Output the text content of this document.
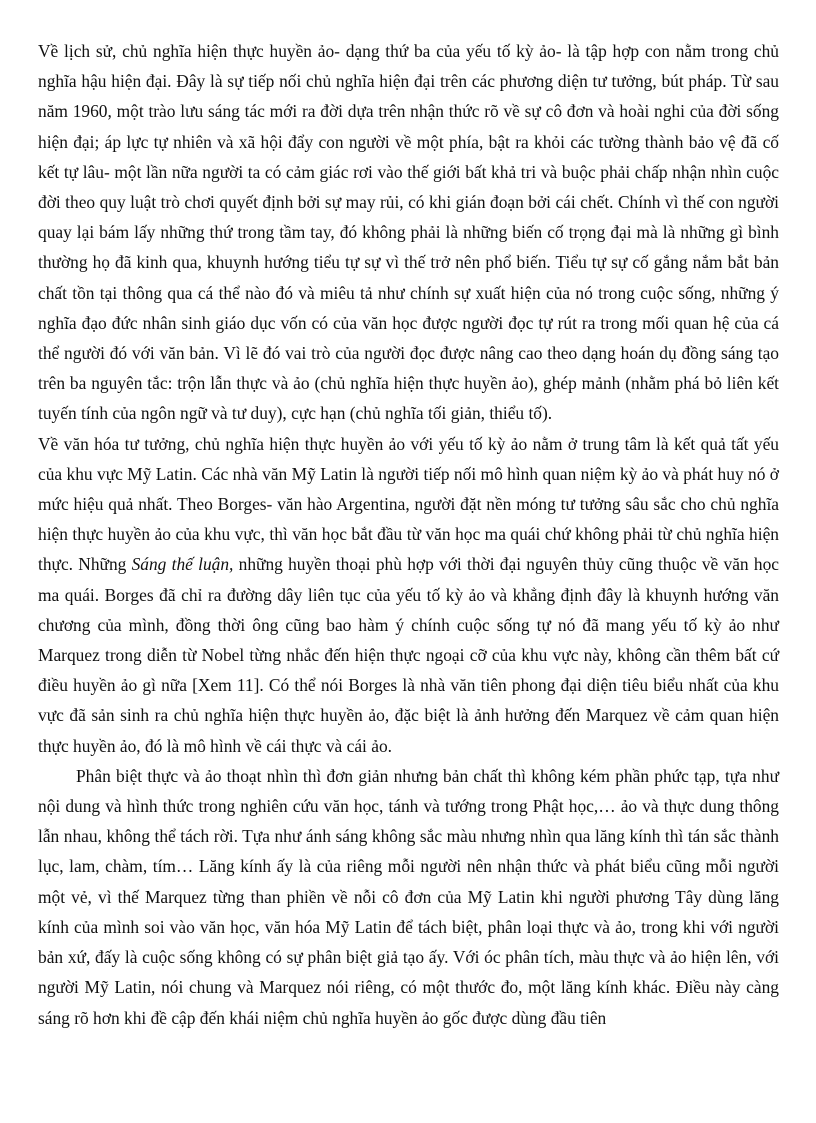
Về lịch sử, chủ nghĩa hiện thực huyền ảo- dạng thứ ba của yếu tố kỳ ảo- là tập hợp con nằm trong chủ nghĩa hậu hiện đại. Đây là sự tiếp nối chủ nghĩa hiện đại trên các phương diện tư tưởng, bút pháp. Từ sau năm 1960, một trào lưu sáng tác mới ra đời dựa trên nhận thức rõ về sự cô đơn và hoài nghi của đời sống hiện đại; áp lực tự nhiên và xã hội đẩy con người về một phía, bật ra khỏi các tường thành bảo vệ đã cố kết tự lâu- một lần nữa người ta có cảm giác rơi vào thế giới bất khả tri và buộc phải chấp nhận nhìn cuộc đời theo quy luật trò chơi quyết định bởi sự may rủi, có khi gián đoạn bởi cái chết. Chính vì thế con người quay lại bám lấy những thứ trong tầm tay, đó không phải là những biến cố trọng đại mà là những gì bình thường họ đã kinh qua, khuynh hướng tiểu tự sự vì thế trở nên phổ biến. Tiểu tự sự cố gắng nắm bắt bản chất tồn tại thông qua cá thể nào đó và miêu tả như chính sự xuất hiện của nó trong cuộc sống, những ý nghĩa đạo đức nhân sinh giáo dục vốn có của văn học được người đọc tự rút ra trong mối quan hệ của cá thể người đó với văn bản. Vì lẽ đó vai trò của người đọc được nâng cao theo dạng hoán dụ đồng sáng tạo trên ba nguyên tắc: trộn lẫn thực và ảo (chủ nghĩa hiện thực huyền ảo), ghép mảnh (nhằm phá bỏ liên kết tuyến tính của ngôn ngữ và tư duy), cực hạn (chủ nghĩa tối giản, thiểu tố).

Về văn hóa tư tưởng, chủ nghĩa hiện thực huyền ảo với yếu tố kỳ ảo nằm ở trung tâm là kết quả tất yếu của khu vực Mỹ Latin. Các nhà văn Mỹ Latin là người tiếp nối mô hình quan niệm kỳ ảo và phát huy nó ở mức hiệu quả nhất. Theo Borges- văn hào Argentina, người đặt nền móng tư tưởng sâu sắc cho chủ nghĩa hiện thực huyền ảo của khu vực, thì văn học bắt đầu từ văn học ma quái chứ không phải từ chủ nghĩa hiện thực. Những Sáng thế luận, những huyền thoại phù hợp với thời đại nguyên thủy cũng thuộc về văn học ma quái. Borges đã chỉ ra đường dây liên tục của yếu tố kỳ ảo và khẳng định đây là khuynh hướng văn chương của mình, đồng thời ông cũng bao hàm ý chính cuộc sống tự nó đã mang yếu tố kỳ ảo như Marquez trong diễn từ Nobel từng nhắc đến hiện thực ngoại cỡ của khu vực này, không cần thêm bất cứ điều huyền ảo gì nữa [Xem 11]. Có thể nói Borges là nhà văn tiên phong đại diện tiêu biểu nhất của khu vực đã sản sinh ra chủ nghĩa hiện thực huyền ảo, đặc biệt là ảnh hưởng đến Marquez về cảm quan hiện thực huyền ảo, đó là mô hình về cái thực và cái ảo.

Phân biệt thực và ảo thoạt nhìn thì đơn giản nhưng bản chất thì không kém phần phức tạp, tựa như nội dung và hình thức trong nghiên cứu văn học, tánh và tướng trong Phật học,… ảo và thực dung thông lẫn nhau, không thể tách rời. Tựa như ánh sáng không sắc màu nhưng nhìn qua lăng kính thì tán sắc thành lục, lam, chàm, tím… Lăng kính ấy là của riêng mỗi người nên nhận thức và phát biểu cũng mỗi người một vẻ, vì thế Marquez từng than phiền về nỗi cô đơn của Mỹ Latin khi người phương Tây dùng lăng kính của mình soi vào văn học, văn hóa Mỹ Latin để tách biệt, phân loại thực và ảo, trong khi với người bản xứ, đấy là cuộc sống không có sự phân biệt giả tạo ấy. Với óc phân tích, màu thực và ảo hiện lên, với người Mỹ Latin, nói chung và Marquez nói riêng, có một thước đo, một lăng kính khác. Điều này càng sáng rõ hơn khi đề cập đến khái niệm chủ nghĩa huyền ảo gốc được dùng đầu tiên
